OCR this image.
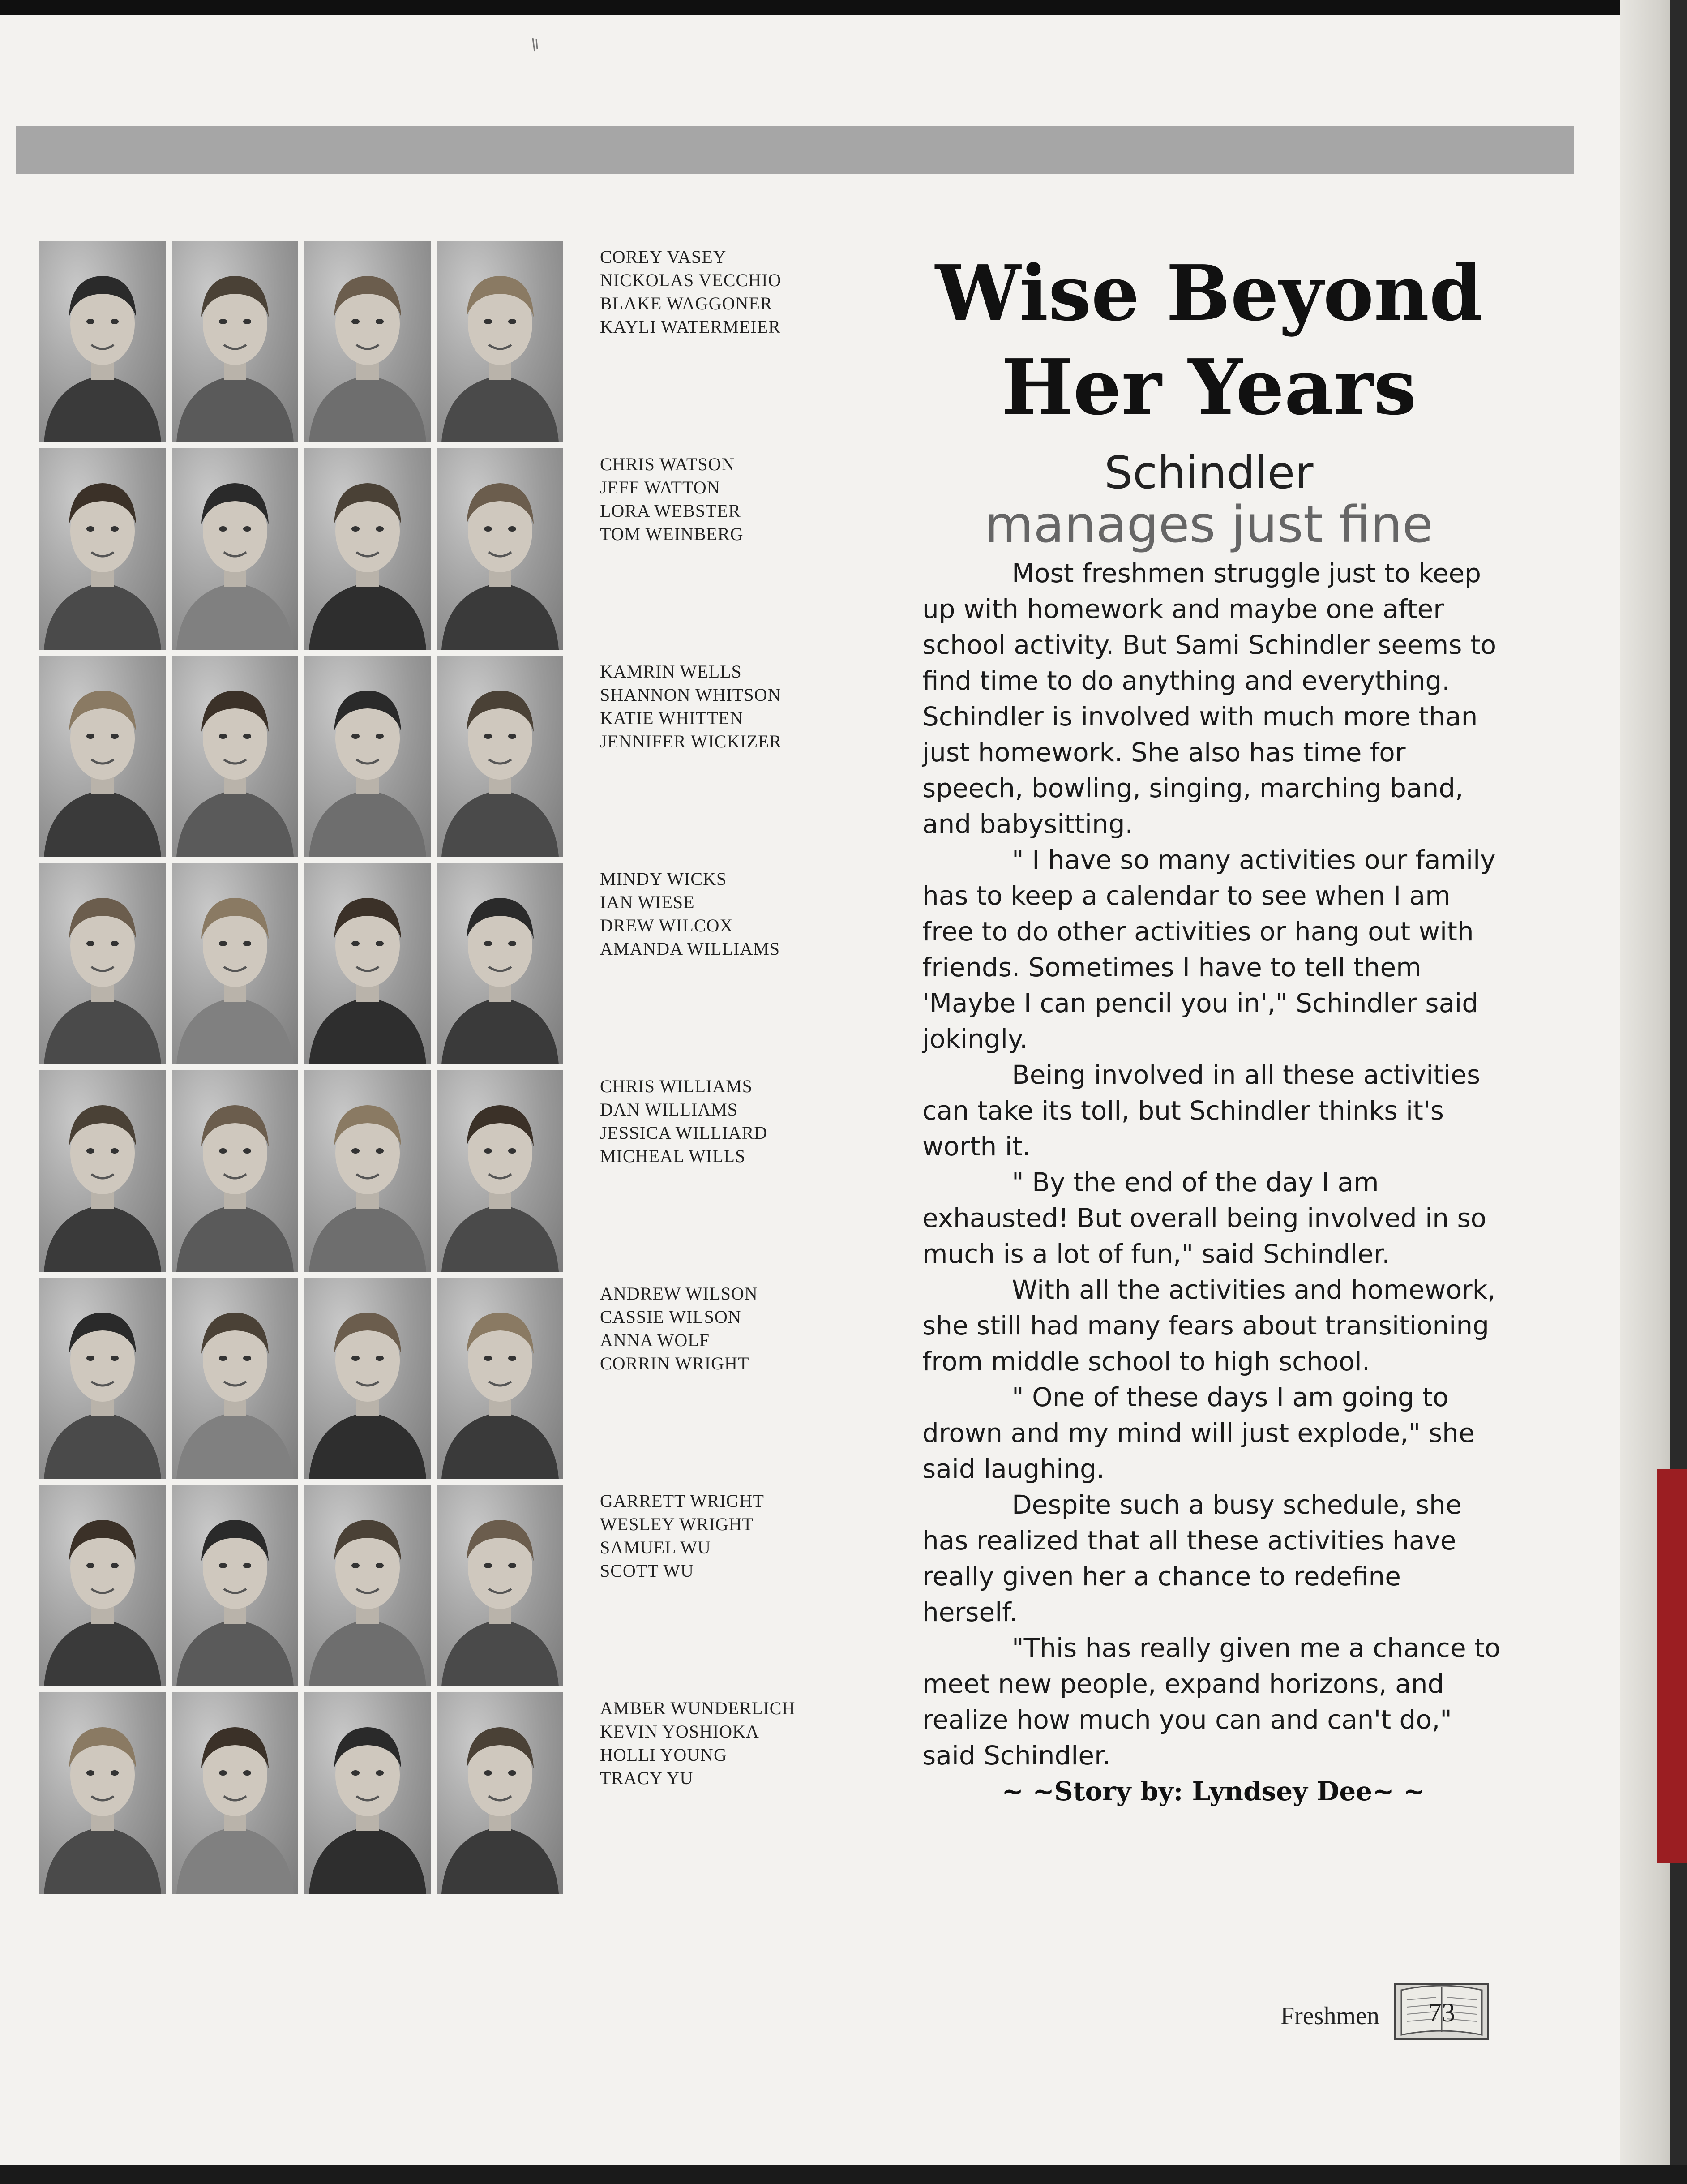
COREY VASEY
NICKOLAS VECCHIO
BLAKE WAGGONER
KAYLI WATERMEIER
CHRIS WATSON
JEFF WATTON
LORA WEBSTER
TOM WEINBERG
KAMRIN WELLS
SHANNON WHITSON
KATIE WHITTEN
JENNIFER WICKIZER
MINDY WICKS
IAN WIESE
DREW WILCOX
AMANDA WILLIAMS
CHRIS WILLIAMS
DAN WILLIAMS
JESSICA WILLIARD
MICHEAL WILLS
ANDREW WILSON
CASSIE WILSON
ANNA WOLF
CORRIN WRIGHT
GARRETT WRIGHT
WESLEY WRIGHT
SAMUEL WU
SCOTT WU
AMBER WUNDERLICH
KEVIN YOSHIOKA
HOLLI YOUNG
TRACY YU
Wise Beyond
Her Years
Schindler
manages just fine

Most freshmen struggle just to keep up with homework and maybe one after school activity. But Sami Schindler seems to find time to do anything and everything. Schindler is involved with much more than just homework. She also has time for speech, bowling, singing, marching band, and babysitting.

" I have so many activities our family has to keep a calendar to see when I am free to do other activities or hang out with friends. Sometimes I have to tell them 'Maybe I can pencil you in'," Schindler said jokingly.

Being involved in all these activities can take its toll, but Schindler thinks it's worth it.

" By the end of the day I am exhausted! But overall being involved in so much is a lot of fun," said Schindler.

With all the activities and homework, she still had many fears about transitioning from middle school to high school.

" One of these days I am going to drown and my mind will just explode," she said laughing.

Despite such a busy schedule, she has realized that all these activities have really given her a chance to redefine herself.

"This has really given me a chance to meet new people, expand horizons, and realize how much you can and can't do," said Schindler.

~ ~Story by: Lyndsey Dee~ ~

Freshmen	73
